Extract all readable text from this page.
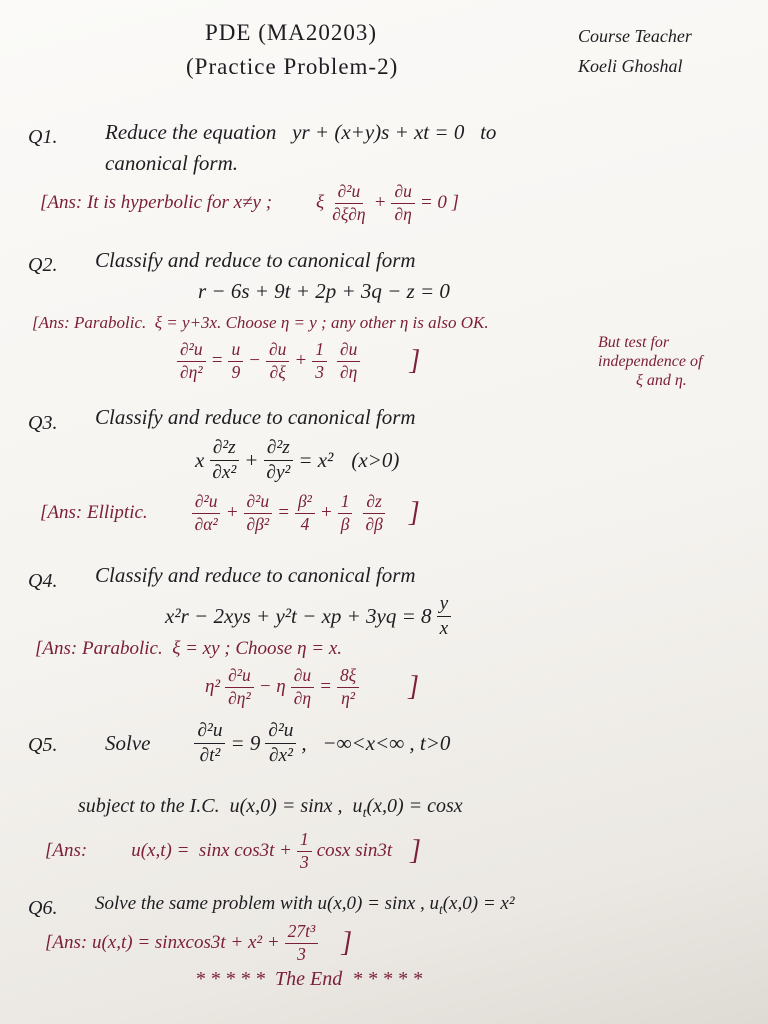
PDE (MA20203)
(Practice Problem-2)
Course Teacher
Koeli Ghoshal
Q1. Reduce the equation   yr + (x+y)s + xt = 0   to
canonical form.
[Ans: It is hyperbolic for x≠y ; ξ $\frac{\text{∂²u}}{\partial\xi\partial\eta} + \frac{\partial u}{\partial\eta} = 0$ ]
Q2. Classify and reduce to canonical form
r − 6s + 9t + 2p + 3q − z = 0
[Ans: Parabolic.  ξ = y+3x. Choose η = y ; any other η is also OK.
$\frac{\text{∂²u}}{\text{∂η²}} = \frac{u}{9} - \frac{\partial u}{\partial\xi} + \frac{1}{3} \frac{\partial u}{\partial\eta}$ ]
But test for
independence of
ξ and η.
Q3. Classify and reduce to canonical form
x $\frac{\text{∂²z}}{\text{∂x²}} + \frac{\text{∂²z}}{\text{∂y²}} = x^2$ (x>0)
[Ans: Elliptic.	$\frac{\text{∂²u}}{\text{∂α²}} + \frac{\text{∂²u}}{\text{∂β²}} = \frac{\text{β²}}{4} + \frac{1}{\beta} \frac{\partial z}{\partial\beta}$ ]
Q4. Classify and reduce to canonical form
x²r − 2xys + y²t − xp + $3yq = 8 \frac{y}{x}$
[Ans: Parabolic.  ξ = xy ; Choose η = x.
$\eta^2 \frac{\text{∂²u}}{\text{∂η²}} - \eta \frac{\partial u}{\partial\eta} = \frac{8\xi}{\text{η²}}$ ]
Q5. Solve $\frac{\text{∂²u}}{\text{∂t²}} = 9 \frac{\text{∂²u}}{\text{∂x²}}$ ,   −∞<x<∞ , t>0
subject to the I.C.  u(x,0) = sinx ,  $u_t(x,0) = \cos x$
[Ans: u(x,t) =  sinx $\cos 3t + \frac{1}{3}$ cosx sin3t ]
Q6. Solve the same problem with u(x,0) = sinx , $u_t(x,0) = x^2$
[Ans: u(x,t) = sinxcos3t + $x^2 + \frac{\text{27t³}}{3}$ ]
* * * * *  The End  * * * * *
